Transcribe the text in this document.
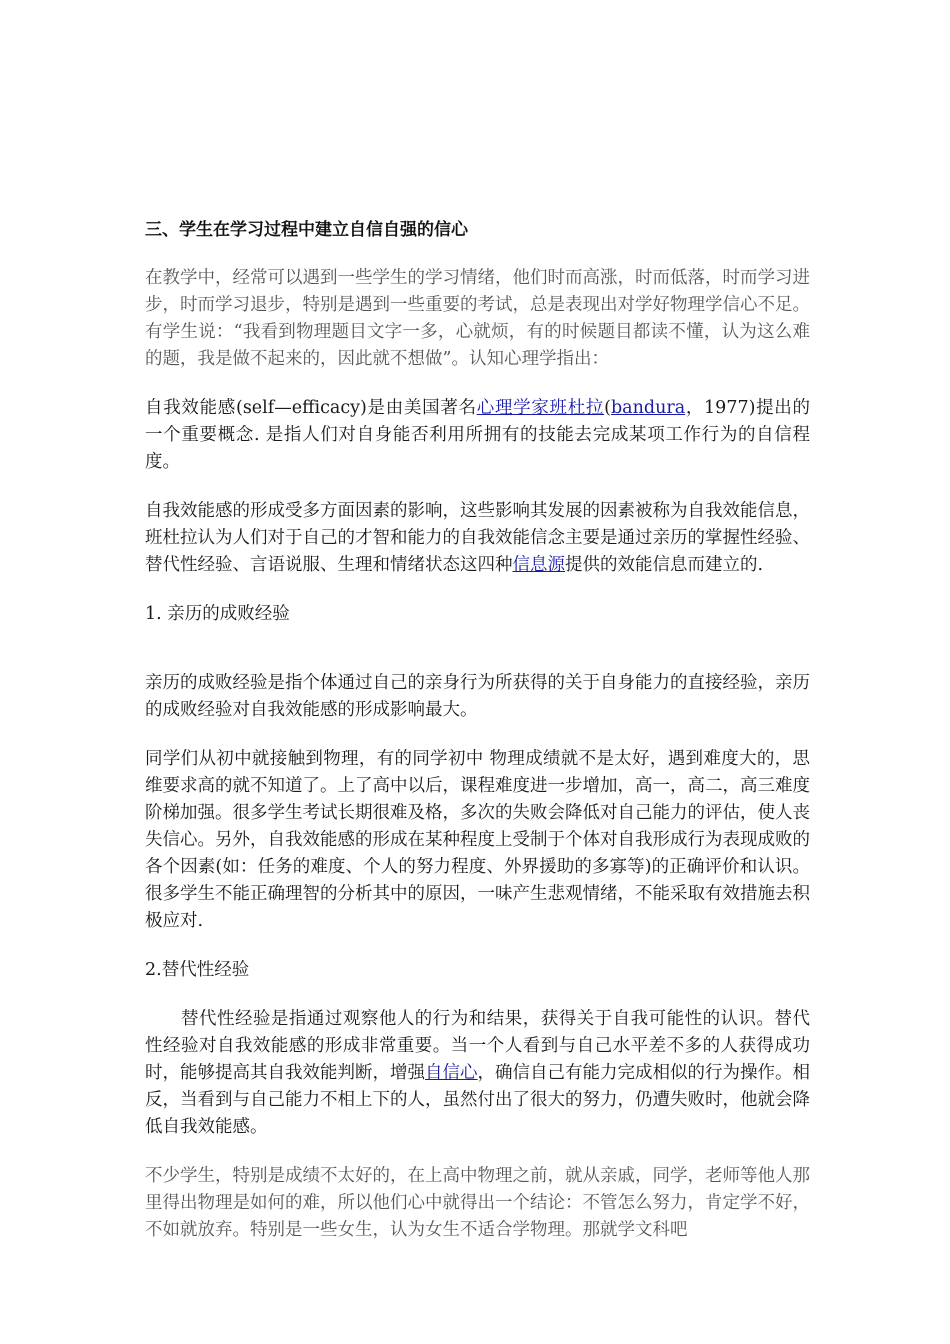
三、学生在学习过程中建立自信自强的信心

在教学中，经常可以遇到一些学生的学习情绪，他们时而高涨，时而低落，时而学习进步，时而学习退步，特别是遇到一些重要的考试，总是表现出对学好物理学信心不足。有学生说：“我看到物理题目文字一多，心就烦，有的时候题目都读不懂，认为这么难的题，我是做不起来的，因此就不想做”。认知心理学指出：

自我效能感(self—efficacy)是由美国著名心理学家班杜拉(bandura，1977)提出的一个重要概念. 是指人们对自身能否利用所拥有的技能去完成某项工作行为的自信程度。

自我效能感的形成受多方面因素的影响，这些影响其发展的因素被称为自我效能信息，班杜拉认为人们对于自己的才智和能力的自我效能信念主要是通过亲历的掌握性经验、替代性经验、言语说服、生理和情绪状态这四种信息源提供的效能信息而建立的.

1. 亲历的成败经验

亲历的成败经验是指个体通过自己的亲身行为所获得的关于自身能力的直接经验，亲历的成败经验对自我效能感的形成影响最大。

同学们从初中就接触到物理，有的同学初中 物理成绩就不是太好，遇到难度大的，思维要求高的就不知道了。上了高中以后，课程难度进一步增加，高一，高二，高三难度阶梯加强。很多学生考试长期很难及格，多次的失败会降低对自己能力的评估，使人丧失信心。另外，自我效能感的形成在某种程度上受制于个体对自我形成行为表现成败的各个因素(如：任务的难度、个人的努力程度、外界援助的多寡等)的正确评价和认识。很多学生不能正确理智的分析其中的原因，一味产生悲观情绪，不能采取有效措施去积极应对.

2.替代性经验

替代性经验是指通过观察他人的行为和结果，获得关于自我可能性的认识。替代性经验对自我效能感的形成非常重要。当一个人看到与自己水平差不多的人获得成功时，能够提高其自我效能判断，增强自信心，确信自己有能力完成相似的行为操作。相反，当看到与自己能力不相上下的人，虽然付出了很大的努力，仍遭失败时，他就会降低自我效能感。

不少学生，特别是成绩不太好的，在上高中物理之前，就从亲戚，同学，老师等他人那里得出物理是如何的难，所以他们心中就得出一个结论：不管怎么努力，肯定学不好，不如就放弃。特别是一些女生，认为女生不适合学物理。那就学文科吧
